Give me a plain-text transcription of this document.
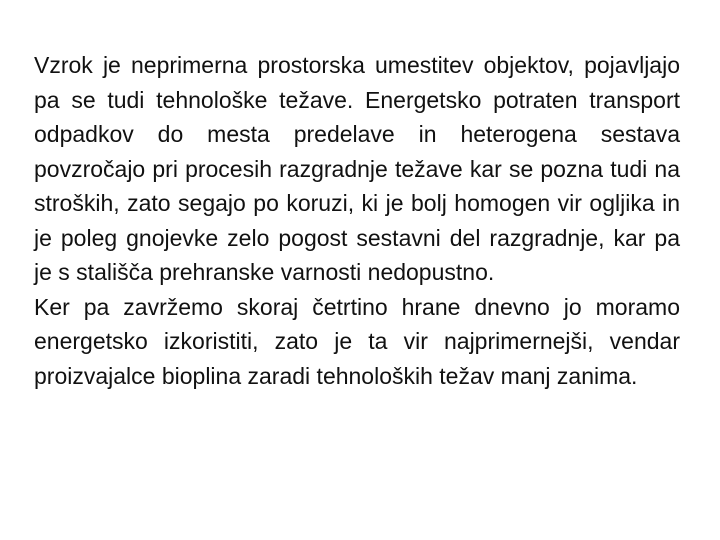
Vzrok je neprimerna prostorska umestitev objektov, pojavljajo pa se tudi tehnološke težave. Energetsko potraten transport odpadkov do mesta predelave in heterogena sestava povzročajo pri procesih razgradnje težave kar se pozna tudi na stroških, zato segajo po koruzi, ki je bolj homogen vir ogljika in je poleg gnojevke zelo pogost sestavni del razgradnje, kar pa je s stališča prehranske varnosti nedopustno.

Ker pa zavržemo skoraj četrtino hrane dnevno jo moramo energetsko izkoristiti, zato je ta vir najprimernejši, vendar proizvajalce bioplina zaradi tehnoloških težav manj zanima.
